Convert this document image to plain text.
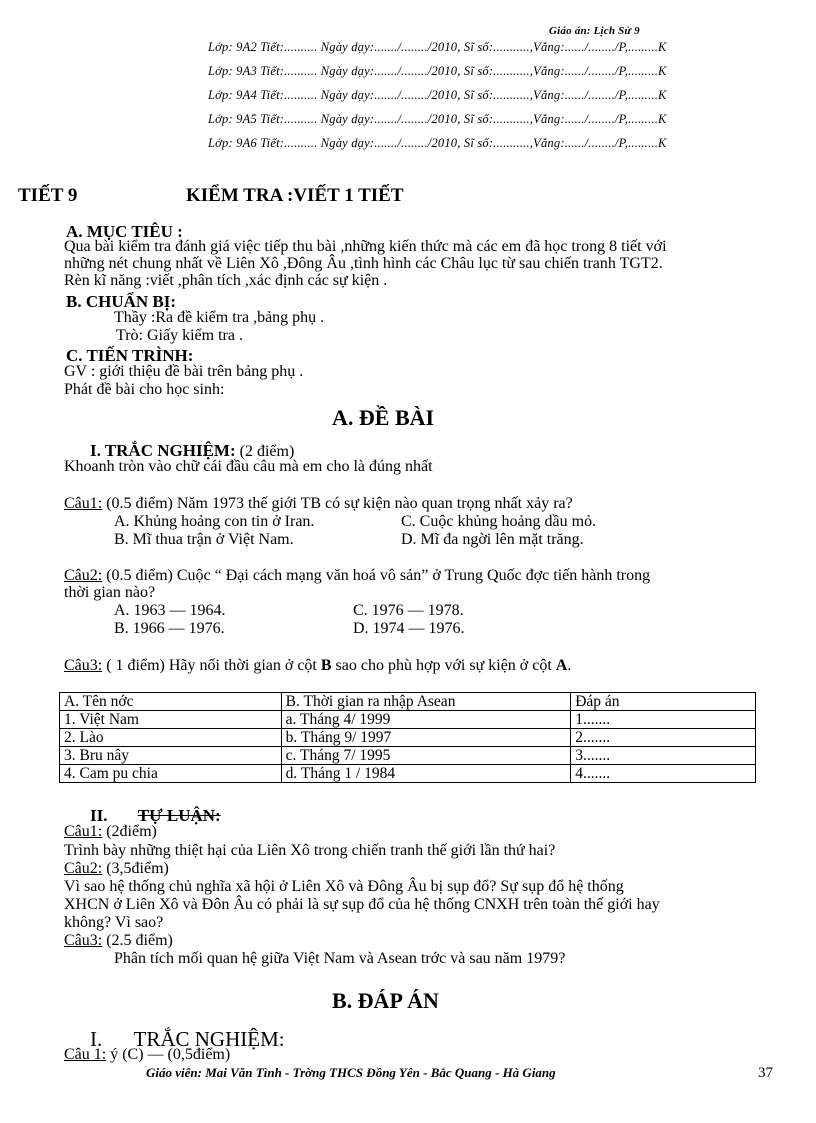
Giáo án: Lịch Sử 9
Lớp: 9A2 Tiết:.......... Ngày dạy:......./......../2010, Sĩ số:...........,Vắng:....../......../P,.........K
Lớp: 9A3 Tiết:.......... Ngày dạy:......./......../2010, Sĩ số:...........,Vắng:....../......../P,.........K
Lớp: 9A4 Tiết:.......... Ngày dạy:......./......../2010, Sĩ số:...........,Vắng:....../......../P,.........K
Lớp: 9A5 Tiết:.......... Ngày dạy:......./......../2010, Sĩ số:...........,Vắng:....../......../P,.........K
Lớp: 9A6 Tiết:.......... Ngày dạy:......./......../2010, Sĩ số:...........,Vắng:....../......../P,.........K
TIẾT 9	KIỂM TRA :VIẾT 1 TIẾT
A. MỤC TIÊU :
Qua bài kiểm tra đánh giá việc tiếp thu bài ,những kiến thức mà các em đã học trong 8 tiết với
những nét chung nhất về Liên Xô ,Đông Âu ,tình hình các Châu lục từ sau chiến tranh TGT2.
Rèn kĩ năng :viết ,phân tích ,xác định các sự kiện .
B. CHUẨN BỊ:
Thầy :Ra đề kiểm tra ,bảng phụ .
Trò: Giấy kiểm tra .
C. TIẾN TRÌNH:
GV : giới thiệu đề bài trên bảng phụ .
Phát đề bài cho học sinh:
A. ĐỀ BÀI
I. TRẮC NGHIỆM: (2 điểm)
Khoanh tròn vào chữ cái đầu câu mà em cho là đúng nhất
Câu1: (0.5 điểm) Năm 1973 thế giới TB có sự kiện nào quan trọng nhất xảy ra?
A. Khủng hoảng con tin ở Iran.	C. Cuộc khủng hoảng dầu mỏ.
B. Mĩ thua trận ở Việt Nam.	D. Mĩ đa ngời lên mặt trăng.
Câu2: (0.5 điểm) Cuộc “ Đại cách mạng văn hoá vô sản” ở Trung Quốc đợc tiến hành trong
thời gian nào?
A. 1963 — 1964.	C. 1976 — 1978.
B. 1966 — 1976.	D. 1974 — 1976.
Câu3: ( 1 điểm) Hãy nối thời gian ở cột B sao cho phù hợp với sự kiện ở cột A.
A. Tên nớc	B. Thời gian ra nhập Asean	Đáp án
1. Việt Nam	a. Tháng 4/ 1999	1.......
2. Lào	b. Tháng 9/ 1997	2.......
3. Bru nây	c. Tháng 7/ 1995	3.......
4. Cam pu chia	d. Tháng 1 / 1984	4.......
II. TỰ LUẬN:
Câu1: (2điểm)
Trình bày những thiệt hại của Liên Xô trong chiến tranh thế giới lần thứ hai?
Câu2: (3,5điểm)
Vì sao hệ thống chủ nghĩa xã hội ở Liên Xô và Đông Âu bị sụp đổ? Sự sụp đổ hệ thống
XHCN ở Liên Xô và Đôn Âu có phải là sự sụp đổ của hệ thống CNXH trên toàn thế giới hay
không? Vì sao?
Câu3: (2.5 điểm)
Phân tích mối quan hệ giữa Việt Nam và Asean trớc và sau năm 1979?
B. ĐÁP ÁN
I. TRẮC NGHIỆM:
Câu 1: ý (C) — (0,5điểm)
Giáo viên: Mai Văn Tình - Trờng THCS Đồng Yên - Bắc Quang - Hà Giang	37
